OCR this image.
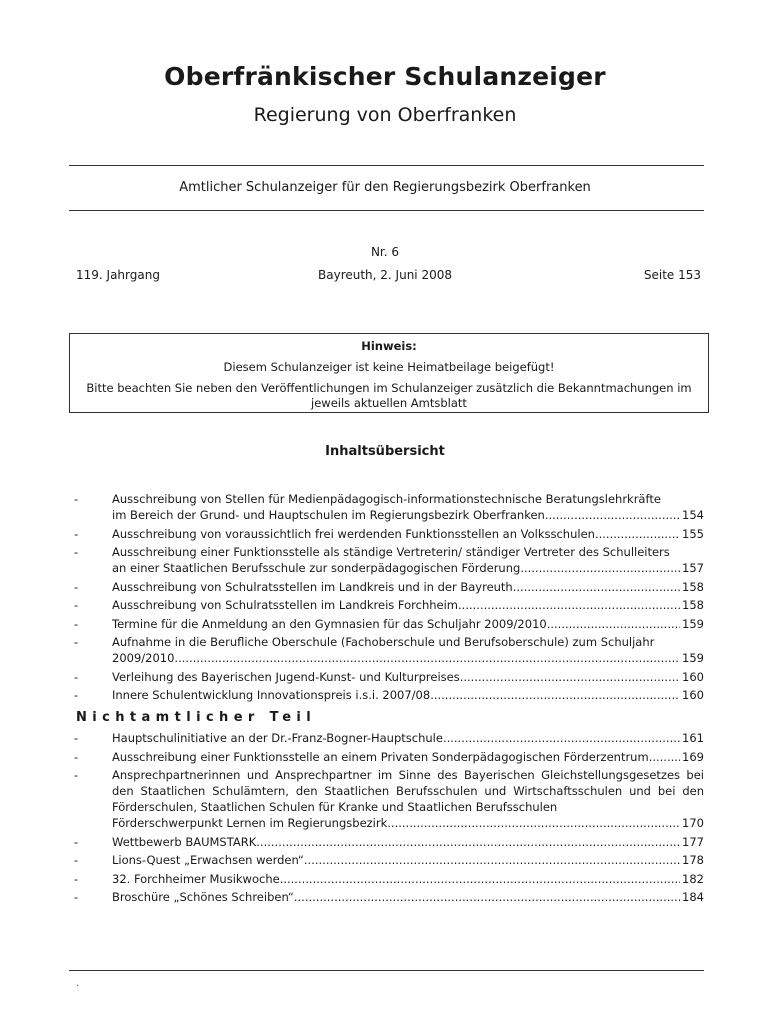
Oberfränkischer Schulanzeiger
Regierung von Oberfranken
Amtlicher Schulanzeiger für den Regierungsbezirk Oberfranken
Nr. 6
Bayreuth, 2. Juni 2008
119. Jahrgang	Seite 153
Hinweis:
Diesem Schulanzeiger ist keine Heimatbeilage beigefügt!
Bitte beachten Sie neben den Veröffentlichungen im Schulanzeiger zusätzlich die Bekanntmachungen im jeweils aktuellen Amtsblatt
Inhaltsübersicht
-	Ausschreibung von Stellen für Medienpädagogisch-informationstechnische Beratungslehrkräfte
im Bereich der Grund- und Hauptschulen im Regierungsbezirk Oberfranken .....	154
-	Ausschreibung von voraussichtlich frei werdenden Funktionsstellen an Volksschulen .....	155
-	Ausschreibung einer Funktionsstelle als ständige Vertreterin/ ständiger Vertreter des Schulleiters
an einer Staatlichen Berufsschule zur sonderpädagogischen Förderung .....	157
-	Ausschreibung von Schulratsstellen im Landkreis und in der Bayreuth .....	158
-	Ausschreibung von Schulratsstellen im Landkreis Forchheim .....	158
-	Termine für die Anmeldung an den Gymnasien für das Schuljahr 2009/2010 .....	159
-	Aufnahme in die Berufliche Oberschule (Fachoberschule und Berufsoberschule) zum Schuljahr
2009/2010 .....	159
-	Verleihung des Bayerischen Jugend-Kunst- und Kulturpreises .....	160
-	Innere Schulentwicklung Innovationspreis i.s.i. 2007/08 .....	160
Nichtamtlicher Teil
-	Hauptschulinitiative an der Dr.-Franz-Bogner-Hauptschule .....	161
-	Ausschreibung einer Funktionsstelle an einem Privaten Sonderpädagogischen Förderzentrum .....	169
-	Ansprechpartnerinnen und Ansprechpartner im Sinne des Bayerischen Gleichstellungsgesetzes bei den Staatlichen Schulämtern, den Staatlichen Berufsschulen und Wirtschaftsschulen und bei den Förderschulen, Staatlichen Schulen für Kranke und Staatlichen Berufsschulen
Förderschwerpunkt Lernen im Regierungsbezirk .....	170
-	Wettbewerb BAUMSTARK .....	177
-	Lions-Quest „Erwachsen werden“ .....	178
-	32. Forchheimer Musikwoche .....	182
-	Broschüre „Schönes Schreiben“ .....	184
.
